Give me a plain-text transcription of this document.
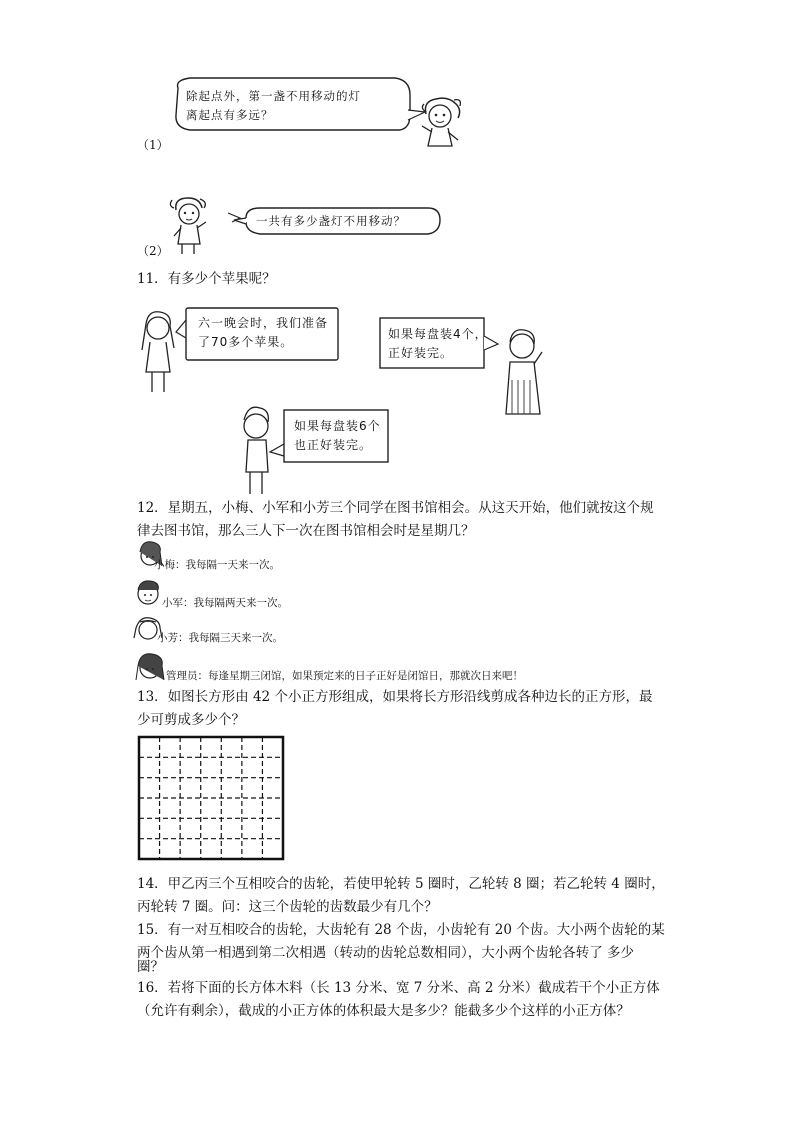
（1）
除起点外，第一盏不用移动的灯
离起点有多远？
（2）
一共有多少盏灯不用移动？
11．有多少个苹果呢？
六一晚会时，我们准备
了70多个苹果。
如果每盘装4个，
正好装完。
如果每盘装6个
也正好装完。
12．星期五，小梅、小军和小芳三个同学在图书馆相会。从这天开始，他们就按这个规
律去图书馆，那么三人下一次在图书馆相会时是星期几？
小梅：我每隔一天来一次。
小军：我每隔两天来一次。
小芳：我每隔三天来一次。
管理员：每逢星期三闭馆，如果预定来的日子正好是闭馆日，那就次日来吧！
13．如图长方形由 42 个小正方形组成，如果将长方形沿线剪成各种边长的正方形，最
少可剪成多少个？
14．甲乙丙三个互相咬合的齿轮，若使甲轮转 5 圈时，乙轮转 8 圈；若乙轮转 4 圈时，
丙轮转 7 圈。问：这三个齿轮的齿数最少有几个？
15．有一对互相咬合的齿轮，大齿轮有 28 个齿，小齿轮有 20 个齿。大小两个齿轮的某
两个齿从第一相遇到第二次相遇（转动的齿轮总数相同），大小两个齿轮各转了 多少
圈？
16．若将下面的长方体木料（长 13 分米、宽 7 分米、高 2 分米）截成若干个小正方体
（允许有剩余），截成的小正方体的体积最大是多少？能截多少个这样的小正方体？
